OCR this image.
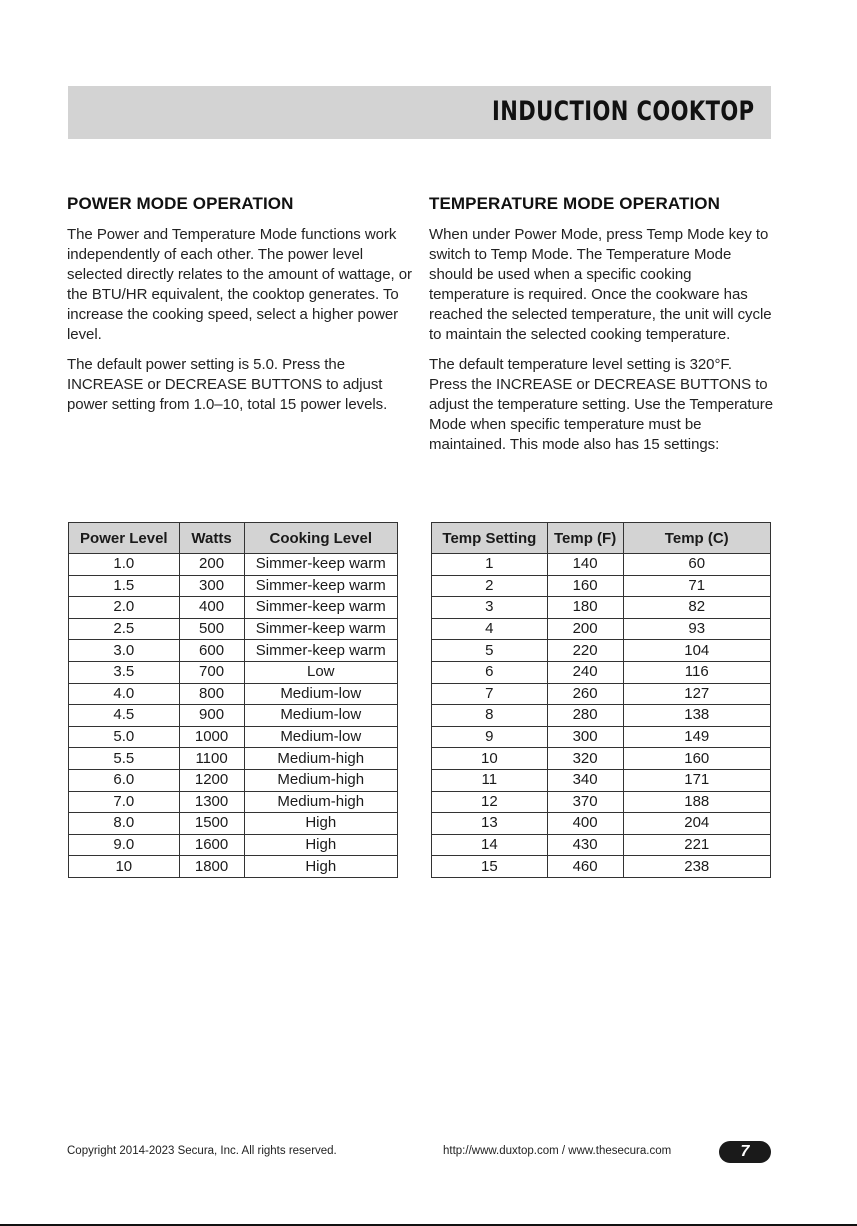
INDUCTION COOKTOP
POWER MODE OPERATION

The Power and Temperature Mode functions work independently of each other. The power level selected directly relates to the amount of wattage, or the BTU/HR equivalent, the cooktop generates. To increase the cooking speed, select a higher power level.

The default power setting is 5.0. Press the INCREASE or DECREASE BUTTONS to adjust power setting from 1.0–10, total 15 power levels.

TEMPERATURE MODE OPERATION

When under Power Mode, press Temp Mode key to switch to Temp Mode. The Temperature Mode should be used when a specific cooking temperature is required. Once the cookware has reached the selected temperature, the unit will cycle to maintain the selected cooking temperature.

The default temperature level setting is 320°F. Press the INCREASE or DECREASE BUTTONS to adjust the temperature setting. Use the Temperature Mode when specific temperature must be maintained. This mode also has 15 settings:

Power Level	Watts	Cooking Level
1.0	200	Simmer-keep warm
1.5	300	Simmer-keep warm
2.0	400	Simmer-keep warm
2.5	500	Simmer-keep warm
3.0	600	Simmer-keep warm
3.5	700	Low
4.0	800	Medium-low
4.5	900	Medium-low
5.0	1000	Medium-low
5.5	1100	Medium-high
6.0	1200	Medium-high
7.0	1300	Medium-high
8.0	1500	High
9.0	1600	High
10	1800	High
Temp Setting	Temp (F)	Temp (C)
1	140	60
2	160	71
3	180	82
4	200	93
5	220	104
6	240	116
7	260	127
8	280	138
9	300	149
10	320	160
11	340	171
12	370	188
13	400	204
14	430	221
15	460	238
Copyright 2014-2023 Secura, Inc. All rights reserved.	http://www.duxtop.com / www.thesecura.com	7
